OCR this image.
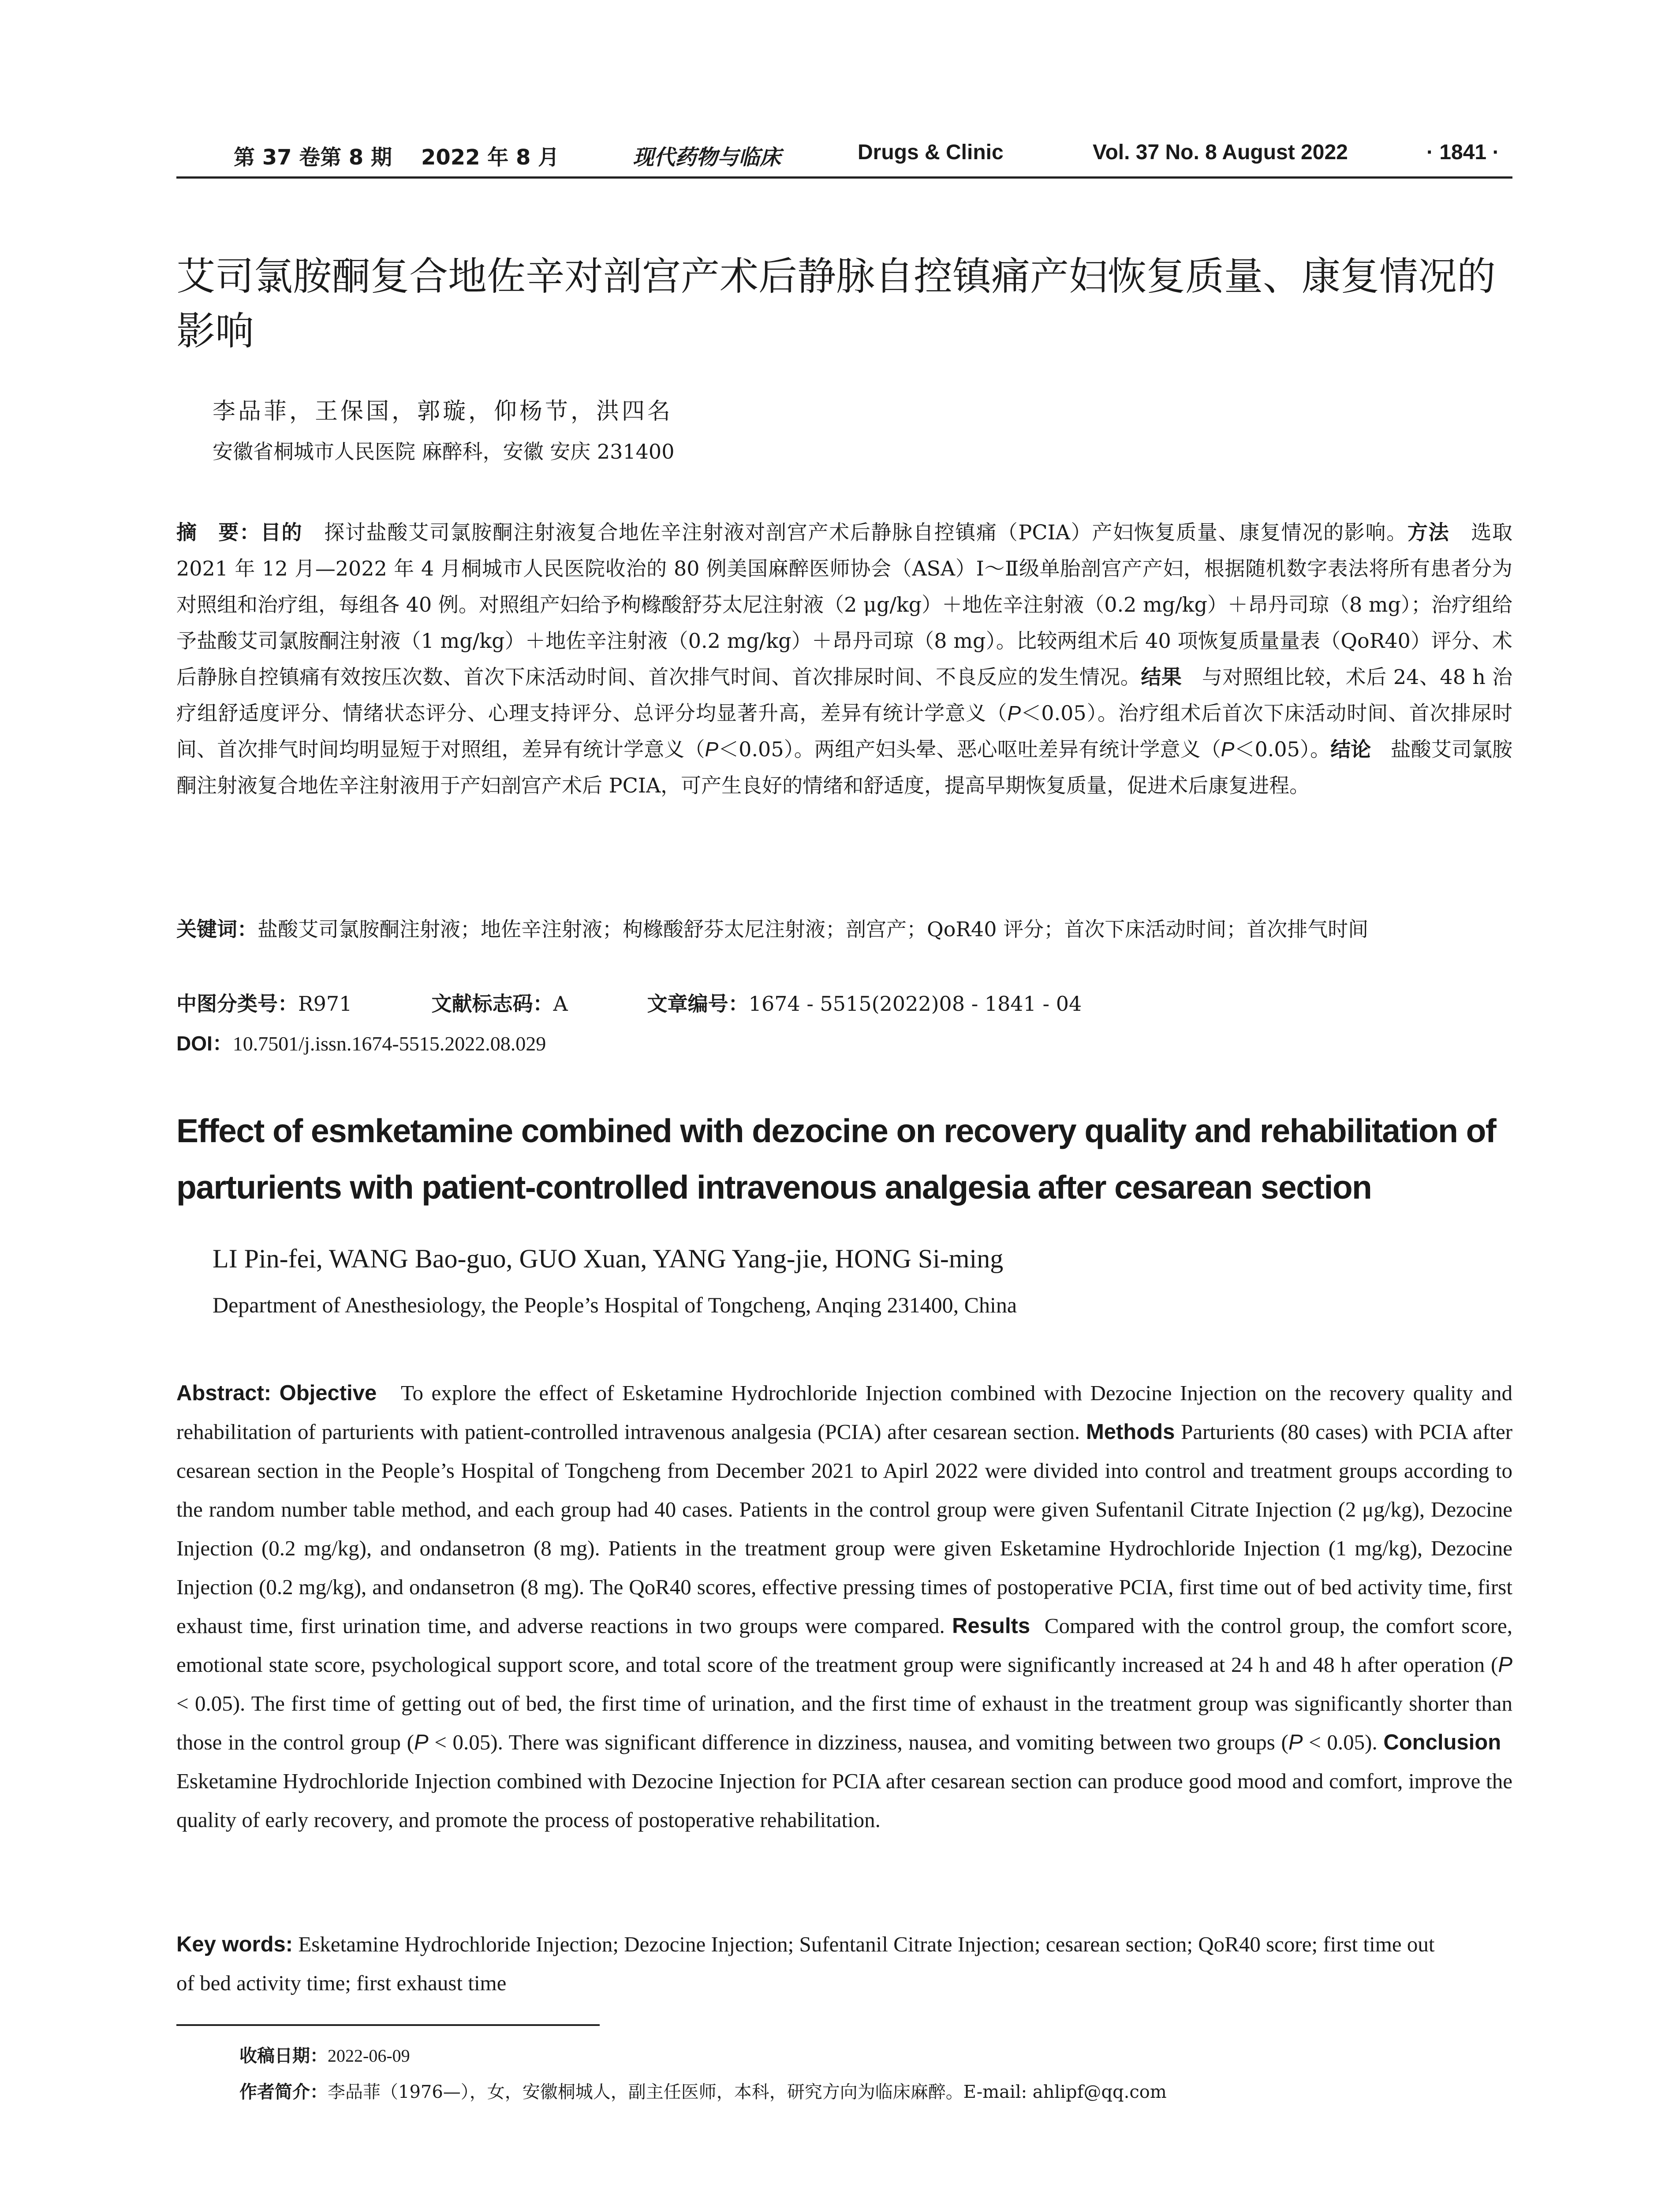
第 37 卷第 8 期 2022 年 8 月	现代药物与临床	Drugs & Clinic	Vol. 37 No. 8 August 2022	· 1841 ·
艾司氯胺酮复合地佐辛对剖宫产术后静脉自控镇痛产妇恢复质量、康复情况的影响
李品菲，王保国，郭璇，仰杨节，洪四名
安徽省桐城市人民医院 麻醉科，安徽 安庆 231400
摘　要：目的 探讨盐酸艾司氯胺酮注射液复合地佐辛注射液对剖宫产术后静脉自控镇痛（PCIA）产妇恢复质量、康复情况的影响。方法 选取 2021 年 12 月—2022 年 4 月桐城市人民医院收治的 80 例美国麻醉医师协会（ASA）Ⅰ～Ⅱ级单胎剖宫产产妇，根据随机数字表法将所有患者分为对照组和治疗组，每组各 40 例。对照组产妇给予枸橼酸舒芬太尼注射液（2 μg/kg）＋地佐辛注射液（0.2 mg/kg）＋昂丹司琼（8 mg）；治疗组给予盐酸艾司氯胺酮注射液（1 mg/kg）＋地佐辛注射液（0.2 mg/kg）＋昂丹司琼（8 mg）。比较两组术后 40 项恢复质量量表（QoR40）评分、术后静脉自控镇痛有效按压次数、首次下床活动时间、首次排气时间、首次排尿时间、不良反应的发生情况。结果 与对照组比较，术后 24、48 h 治疗组舒适度评分、情绪状态评分、心理支持评分、总评分均显著升高，差异有统计学意义（P＜0.05）。治疗组术后首次下床活动时间、首次排尿时间、首次排气时间均明显短于对照组，差异有统计学意义（P＜0.05）。两组产妇头晕、恶心呕吐差异有统计学意义（P＜0.05）。结论 盐酸艾司氯胺酮注射液复合地佐辛注射液用于产妇剖宫产术后 PCIA，可产生良好的情绪和舒适度，提高早期恢复质量，促进术后康复进程。
关键词：盐酸艾司氯胺酮注射液；地佐辛注射液；枸橼酸舒芬太尼注射液；剖宫产；QoR40 评分；首次下床活动时间；首次排气时间
中图分类号：R971	文献标志码：A	文章编号：1674 - 5515(2022)08 - 1841 - 04
DOI：10.7501/j.issn.1674-5515.2022.08.029
Effect of esmketamine combined with dezocine on recovery quality and rehabilitation of parturients with patient-controlled intravenous analgesia after cesarean section
LI Pin-fei, WANG Bao-guo, GUO Xuan, YANG Yang-jie, HONG Si-ming
Department of Anesthesiology, the People’s Hospital of Tongcheng, Anqing 231400, China
Abstract: Objective To explore the effect of Esketamine Hydrochloride Injection combined with Dezocine Injection on the recovery quality and rehabilitation of parturients with patient-controlled intravenous analgesia (PCIA) after cesarean section. Methods Parturients (80 cases) with PCIA after cesarean section in the People’s Hospital of Tongcheng from December 2021 to Apirl 2022 were divided into control and treatment groups according to the random number table method, and each group had 40 cases. Patients in the control group were given Sufentanil Citrate Injection (2 μg/kg), Dezocine Injection (0.2 mg/kg), and ondansetron (8 mg). Patients in the treatment group were given Esketamine Hydrochloride Injection (1 mg/kg), Dezocine Injection (0.2 mg/kg), and ondansetron (8 mg). The QoR40 scores, effective pressing times of postoperative PCIA, first time out of bed activity time, first exhaust time, first urination time, and adverse reactions in two groups were compared. Results Compared with the control group, the comfort score, emotional state score, psychological support score, and total score of the treatment group were significantly increased at 24 h and 48 h after operation (P < 0.05). The first time of getting out of bed, the first time of urination, and the first time of exhaust in the treatment group was significantly shorter than those in the control group (P < 0.05). There was significant difference in dizziness, nausea, and vomiting between two groups (P < 0.05). Conclusion   Esketamine Hydrochloride Injection combined with Dezocine Injection for PCIA after cesarean section can produce good mood and comfort, improve the quality of early recovery, and promote the process of postoperative rehabilitation.
Key words: Esketamine Hydrochloride Injection; Dezocine Injection; Sufentanil Citrate Injection; cesarean section; QoR40 score; first time out of bed activity time; first exhaust time
收稿日期：2022-06-09
作者简介：李品菲（1976—），女，安徽桐城人，副主任医师，本科，研究方向为临床麻醉。E-mail: ahlipf@qq.com
